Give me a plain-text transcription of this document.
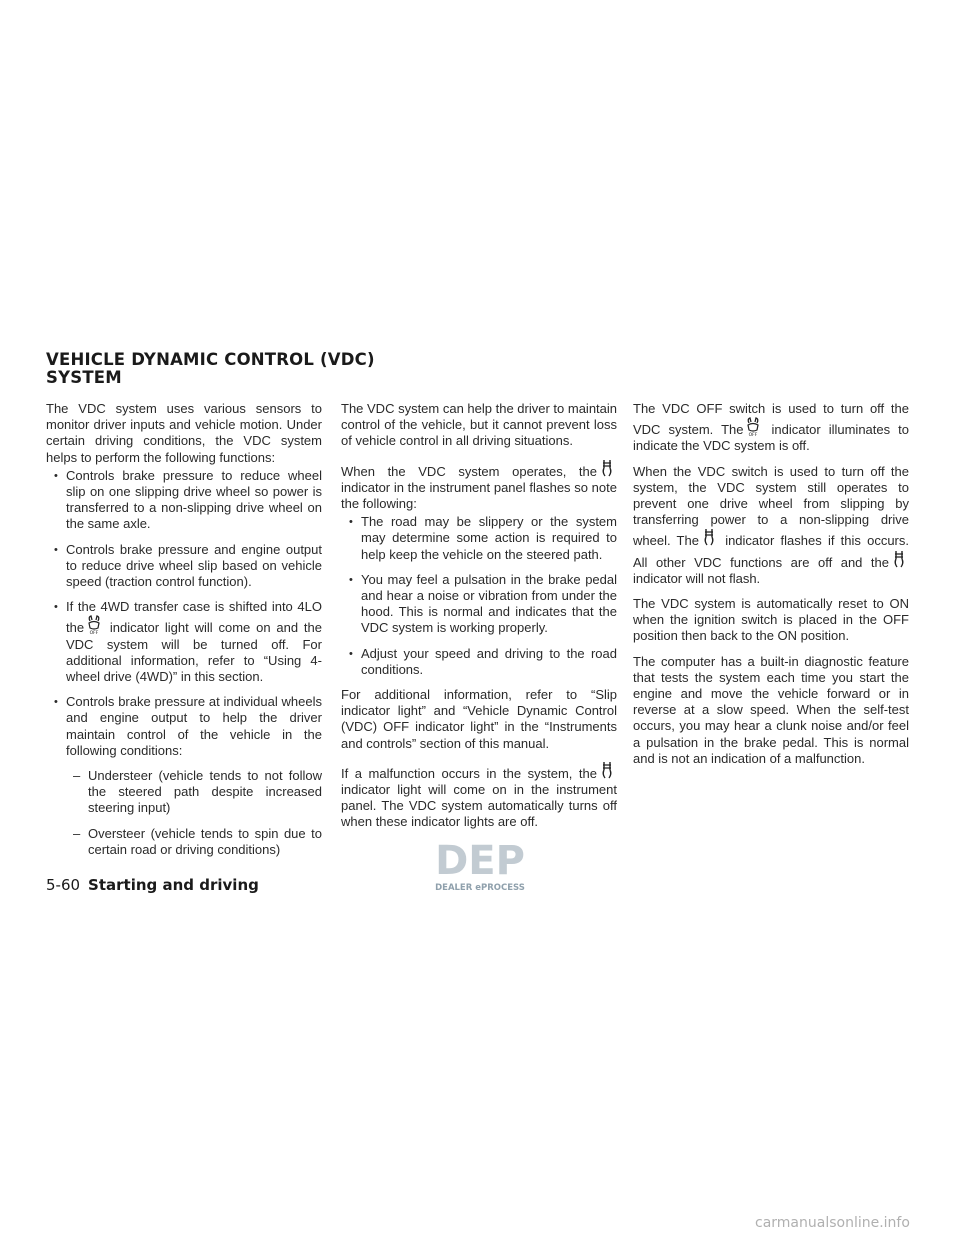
VEHICLE DYNAMIC CONTROL (VDC)
SYSTEM

The VDC system uses various sensors to monitor driver inputs and vehicle motion. Under certain driving conditions, the VDC system helps to perform the following functions:

• Controls brake pressure to reduce wheel slip on one slipping drive wheel so power is transferred to a non-slipping drive wheel on the same axle.
• Controls brake pressure and engine output to reduce drive wheel slip based on vehicle speed (traction control function).
• If the 4WD transfer case is shifted into 4LO the OFF indicator light will come on and the VDC system will be turned off. For additional information, refer to “Using 4-wheel drive (4WD)” in this section.
• Controls brake pressure at individual wheels and engine output to help the driver maintain control of the vehicle in the following conditions:
– Understeer (vehicle tends to not follow the steered path despite increased steering input)
– Oversteer (vehicle tends to spin due to certain road or driving conditions)

The VDC system can help the driver to maintain control of the vehicle, but it cannot prevent loss of vehicle control in all driving situations.

When the VDC system operates, the
indicator in the instrument panel flashes so note the following:

• The road may be slippery or the system may determine some action is required to help keep the vehicle on the steered path.
• You may feel a pulsation in the brake pedal and hear a noise or vibration from under the hood. This is normal and indicates that the VDC system is working properly.
• Adjust your speed and driving to the road conditions.

For additional information, refer to “Slip indicator light” and “Vehicle Dynamic Control (VDC) OFF indicator light” in the “Instruments and controls” section of this manual.

If a malfunction occurs in the system, the
indicator light will come on in the instrument panel. The VDC system automatically turns off when these indicator lights are off.

The VDC OFF switch is used to turn off the VDC system. The OFF indicator illuminates to indicate the VDC system is off.

When the VDC switch is used to turn off the system, the VDC system still operates to prevent one drive wheel from slipping by transferring power to a non-slipping drive wheel. The indicator flashes if this occurs. All other VDC functions are off and the
indicator will not flash.

The VDC system is automatically reset to ON when the ignition switch is placed in the OFF position then back to the ON position.

The computer has a built-in diagnostic feature that tests the system each time you start the engine and move the vehicle forward or in reverse at a slow speed. When the self-test occurs, you may hear a clunk noise and/or feel a pulsation in the brake pedal. This is normal and is not an indication of a malfunction.

DEP
DEALER ePROCESS
5-60 Starting and driving
carmanualsonline.info
